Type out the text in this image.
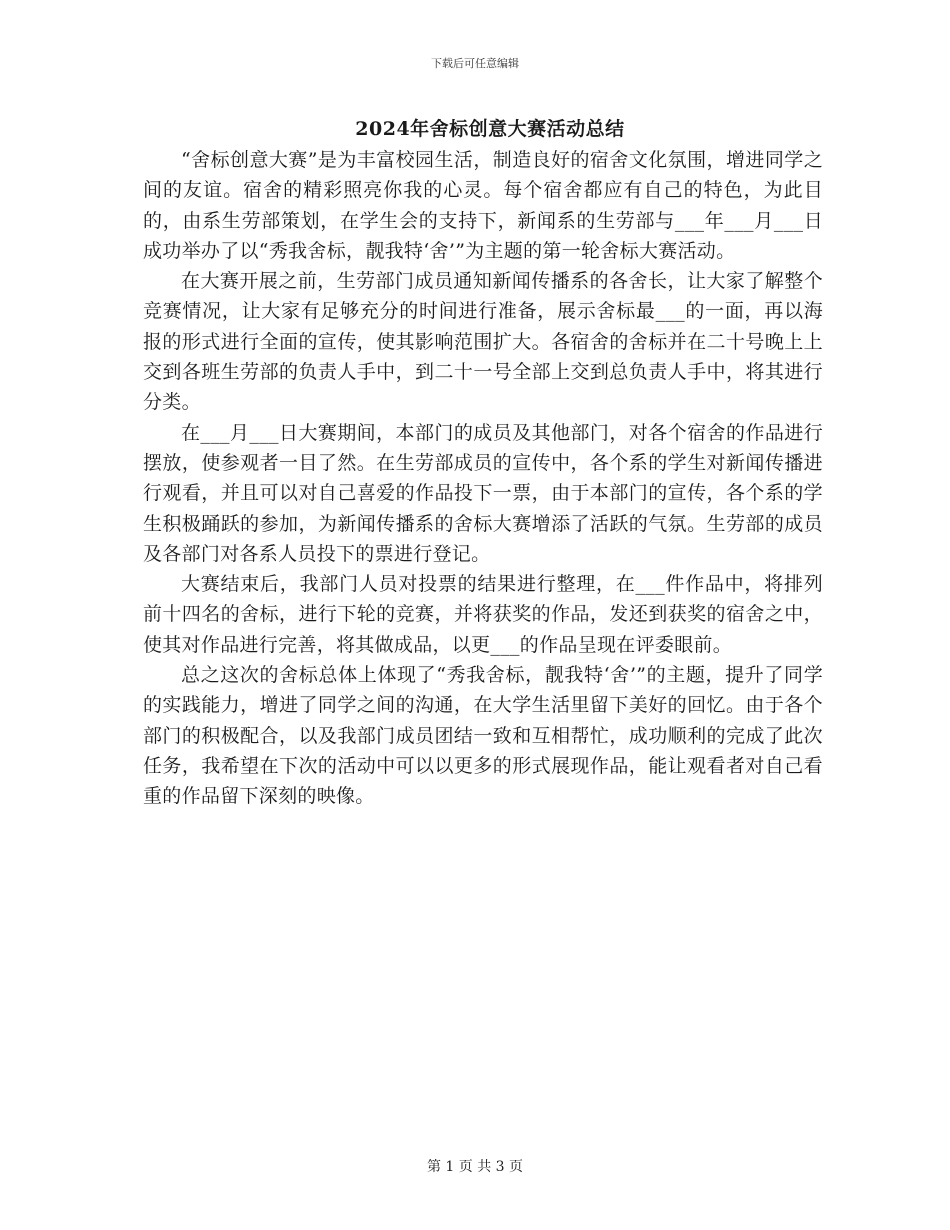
下载后可任意编辑
2024年舍标创意大赛活动总结

“舍标创意大赛”是为丰富校园生活，制造良好的宿舍文化氛围，增进同学之间的友谊。宿舍的精彩照亮你我的心灵。每个宿舍都应有自己的特色，为此目的，由系生劳部策划，在学生会的支持下，新闻系的生劳部与___年___月___日成功举办了以“秀我舍标，靓我特‘舍’”为主题的第一轮舍标大赛活动。

在大赛开展之前，生劳部门成员通知新闻传播系的各舍长，让大家了解整个竞赛情况，让大家有足够充分的时间进行准备，展示舍标最___的一面，再以海报的形式进行全面的宣传，使其影响范围扩大。各宿舍的舍标并在二十号晚上上交到各班生劳部的负责人手中，到二十一号全部上交到总负责人手中，将其进行分类。

在___月___日大赛期间，本部门的成员及其他部门，对各个宿舍的作品进行摆放，使参观者一目了然。在生劳部成员的宣传中，各个系的学生对新闻传播进行观看，并且可以对自己喜爱的作品投下一票，由于本部门的宣传，各个系的学生积极踊跃的参加，为新闻传播系的舍标大赛增添了活跃的气氛。生劳部的成员及各部门对各系人员投下的票进行登记。

大赛结束后，我部门人员对投票的结果进行整理，在___件作品中，将排列前十四名的舍标，进行下轮的竞赛，并将获奖的作品，发还到获奖的宿舍之中，使其对作品进行完善，将其做成品，以更___的作品呈现在评委眼前。

总之这次的舍标总体上体现了“秀我舍标，靓我特‘舍’”的主题，提升了同学的实践能力，增进了同学之间的沟通，在大学生活里留下美好的回忆。由于各个部门的积极配合，以及我部门成员团结一致和互相帮忙，成功顺利的完成了此次任务，我希望在下次的活动中可以以更多的形式展现作品，能让观看者对自己看重的作品留下深刻的映像。

第 1 页 共 3 页
